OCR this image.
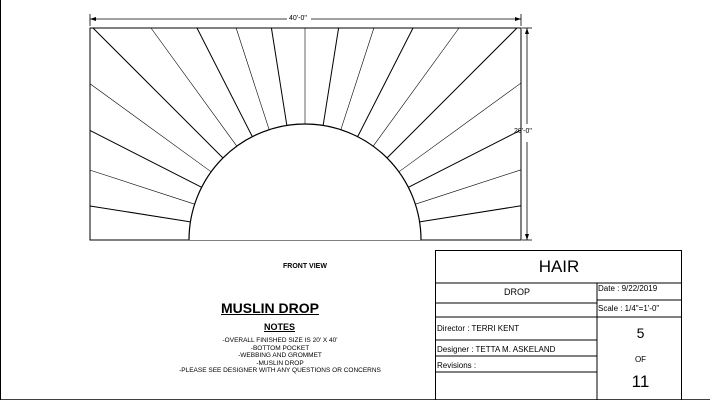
40'-0"
20'-0"
FRONT VIEW
MUSLIN DROP
NOTES
-OVERALL FINISHED SIZE IS 20' X 40'
-BOTTOM POCKET
-WEBBING AND GROMMET
-MUSLIN DROP
-PLEASE SEE DESIGNER WITH ANY QUESTIONS OR CONCERNS
HAIR
DROP	Date : 9/22/2019
Scale : 1/4"=1'-0"
Director : TERRI KENT
Designer : TETTA M. ASKELAND
Revisions :
5
OF
11
